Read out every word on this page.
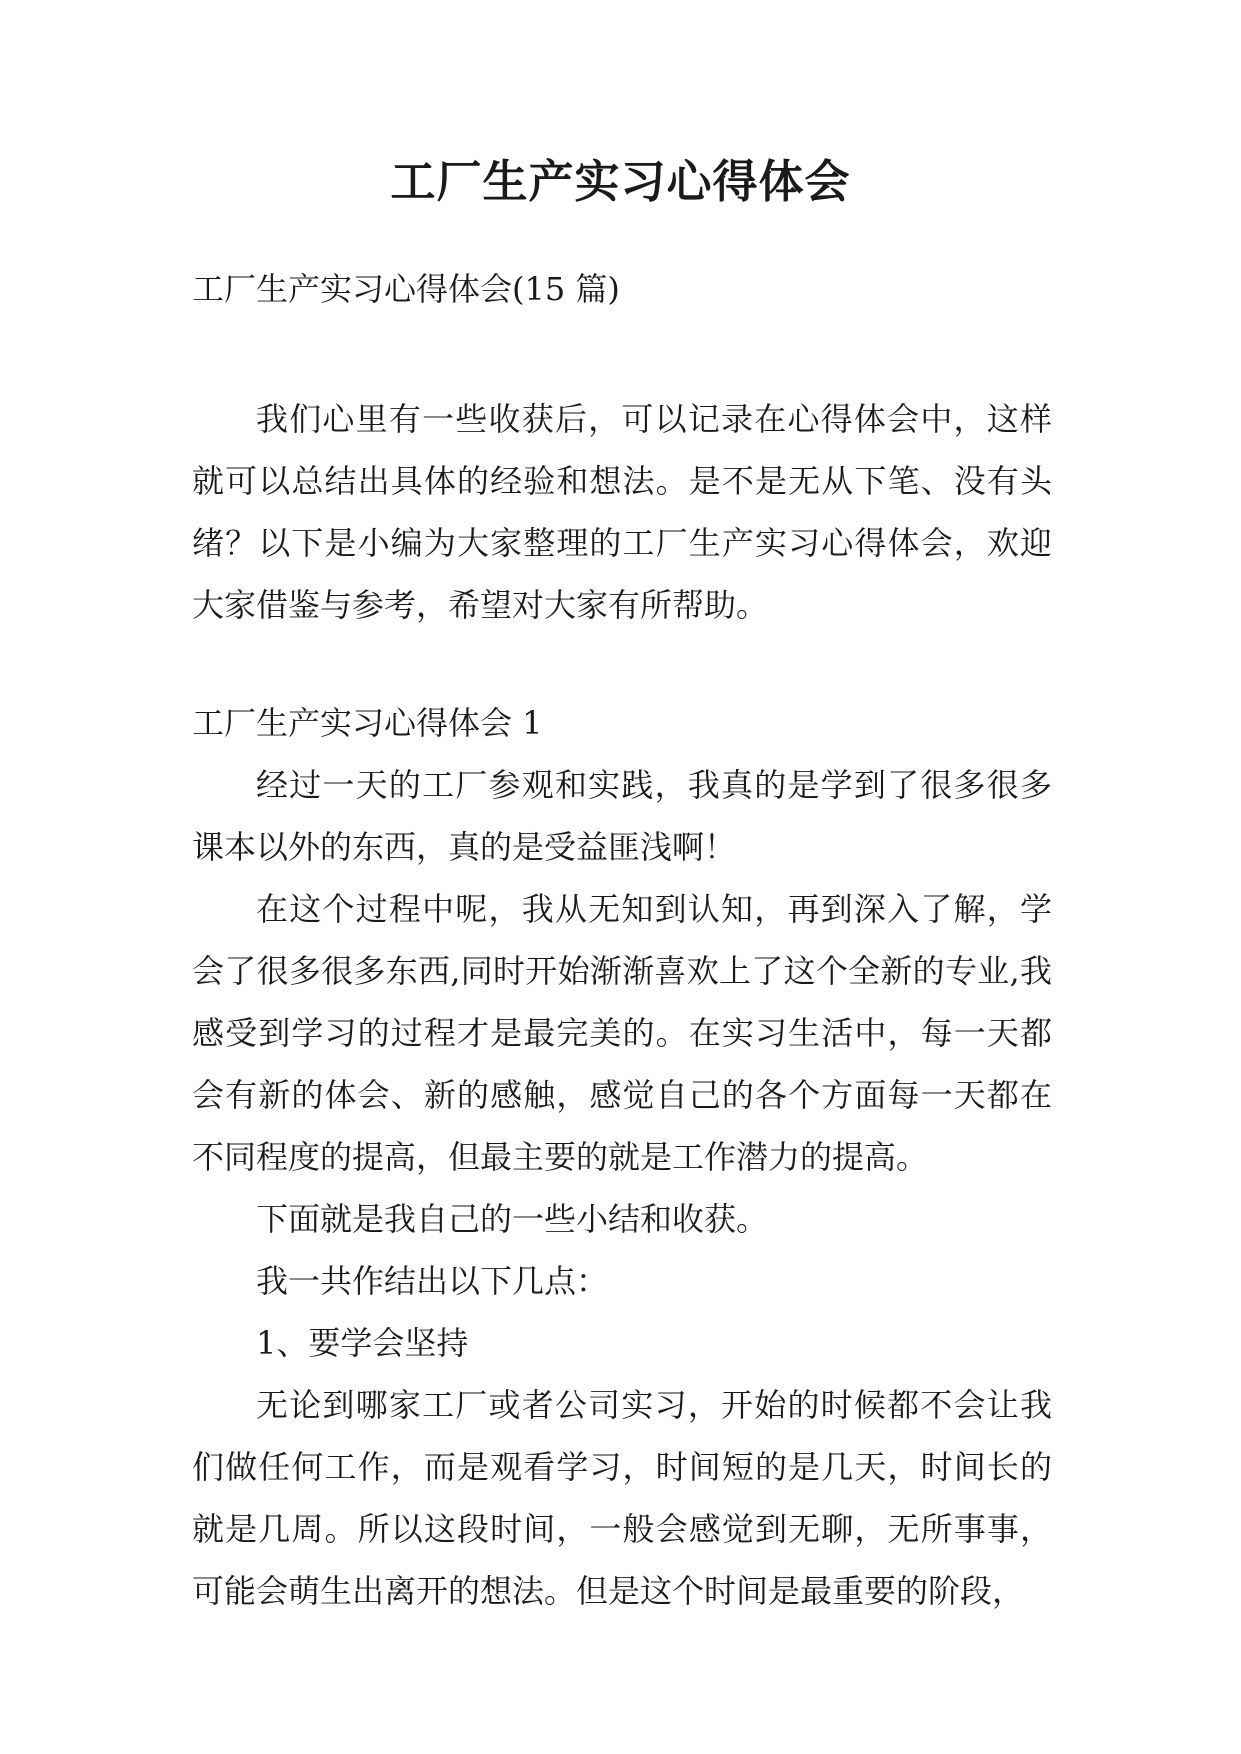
工厂生产实习心得体会

工厂生产实习心得体会(15 篇)

我们心里有一些收获后，可以记录在心得体会中，这样就可以总结出具体的经验和想法。是不是无从下笔、没有头绪？以下是小编为大家整理的工厂生产实习心得体会，欢迎大家借鉴与参考，希望对大家有所帮助。

工厂生产实习心得体会 1

经过一天的工厂参观和实践，我真的是学到了很多很多课本以外的东西，真的是受益匪浅啊！

在这个过程中呢，我从无知到认知，再到深入了解，学会了很多很多东西,同时开始渐渐喜欢上了这个全新的专业,我感受到学习的过程才是最完美的。在实习生活中，每一天都会有新的体会、新的感触，感觉自己的各个方面每一天都在不同程度的提高，但最主要的就是工作潜力的提高。

下面就是我自己的一些小结和收获。

我一共作结出以下几点：

1、要学会坚持

无论到哪家工厂或者公司实习，开始的时候都不会让我们做任何工作，而是观看学习，时间短的是几天，时间长的就是几周。所以这段时间，一般会感觉到无聊，无所事事，可能会萌生出离开的想法。但是这个时间是最重要的阶段，
